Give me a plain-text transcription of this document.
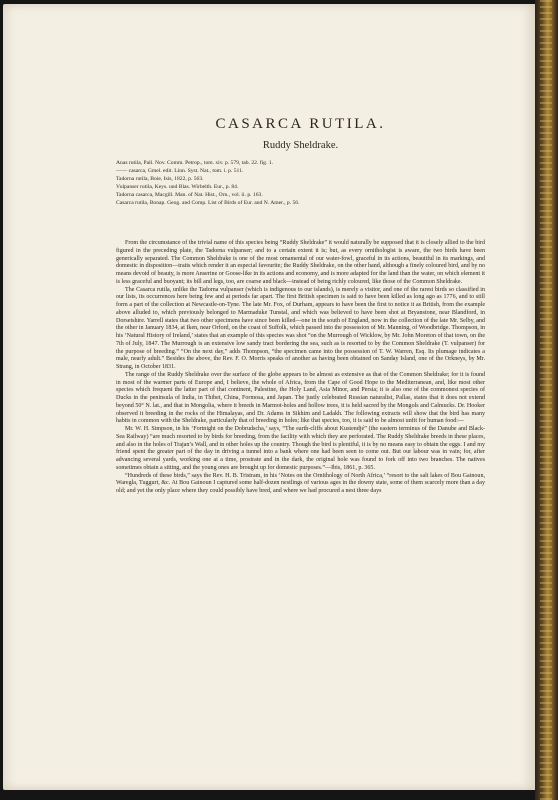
CASARCA RUTILA.
Ruddy Sheldrake.
Anas rutila, Pall. Nov. Comm. Petrop., tom. xiv. p. 579, tab. 22. fig. 1.
—— casarca, Gmel. edit. Linn. Syst. Nat., tom. i. p. 511.
Tadorna rutila, Boie, Isis, 1822, p. 563.
Vulpanser rutila, Keys. und Blas. Wirbelth. Eur., p. 84.
Tadorna casarca, Macgill. Man. of Nat. Hist., Orn., vol. ii. p. 163.
Casarca rutila, Bonap. Geog. and Comp. List of Birds of Eur. and N. Amer., p. 56.

From the circumstance of the trivial name of this species being “Ruddy Sheldrake” it would naturally be supposed that it is closely allied to the bird figured in the preceding plate, the Tadorna vulpanser; and to a certain extent it is; but, as every ornithologist is aware, the two birds have been generically separated. The Common Sheldrake is one of the most ornamental of our water-fowl, graceful in its actions, beautiful in its markings, and domestic in disposition—traits which render it an especial favourite; the Ruddy Sheldrake, on the other hand, although a finely coloured bird, and by no means devoid of beauty, is more Anserine or Goose-like in its actions and economy, and is more adapted for the land than the water, on which element it is less graceful and buoyant; its bill and legs, too, are coarse and black—instead of being richly coloured, like those of the Common Sheldrake.

The Casarca rutila, unlike the Tadorna vulpanser (which is indigenous to our islands), is merely a visitor, and one of the rarest birds so classified in our lists, its occurrences here being few and at periods far apart. The first British specimen is said to have been killed as long ago as 1776, and to still form a part of the collection at Newcastle-on-Tyne. The late Mr. Fox, of Durham, appears to have been the first to notice it as British, from the example above alluded to, which previously belonged to Marmaduke Tunstal, and which was believed to have been shot at Bryanstone, near Blandford, in Dorsetshire. Yarrell states that two other specimens have since been killed—one in the south of England, now in the collection of the late Mr. Selby, and the other in January 1834, at Iken, near Orford, on the coast of Suffolk, which passed into the possession of Mr. Manning, of Woodbridge. Thompson, in his ‘Natural History of Ireland,’ states that an example of this species was shot “on the Murrough of Wicklow, by Mr. John Moreton of that town, on the 7th of July, 1847. The Murrough is an extensive low sandy tract bordering the sea, such as is resorted to by the Common Sheldrake (T. vulpanser) for the purpose of breeding.” “On the next day,” adds Thompson, “the specimen came into the possession of T. W. Warren, Esq. Its plumage indicates a male, nearly adult.” Besides the above, the Rev. F. O. Morris speaks of another as having been obtained on Sanday Island, one of the Orkneys, by Mr. Strang, in October 1831.

The range of the Ruddy Sheldrake over the surface of the globe appears to be almost as extensive as that of the Common Sheldrake; for it is found in most of the warmer parts of Europe and, I believe, the whole of Africa, from the Cape of Good Hope to the Mediterranean, and, like most other species which frequent the latter part of that continent, Palestine, the Holy Land, Asia Minor, and Persia; it is also one of the commonest species of Ducks in the peninsula of India, in Thibet, China, Formosa, and Japan. The justly celebrated Russian naturalist, Pallas, states that it does not extend beyond 50° N. lat., and that in Mongolia, where it breeds in Marmot-holes and hollow trees, it is held sacred by the Mongols and Calmucks. Dr. Hooker observed it breeding in the rocks of the Himalayas, and Dr. Adams in Sikhim and Ladakh. The following extracts will show that the bird has many habits in common with the Sheldrake, particularly that of breeding in holes; like that species, too, it is said to be almost unfit for human food:—

Mr. W. H. Simpson, in his ‘Fortnight on the Dobrudscha,’ says, “The earth-cliffs about Kustendjé” (the eastern terminus of the Danube and Black-Sea Railway) “are much resorted to by birds for breeding, from the facility with which they are perforated. The Ruddy Sheldrake breeds in these places, and also in the holes of Trajan’s Wall, and in other holes up the country. Though the bird is plentiful, it is by no means easy to obtain the eggs. I and my friend spent the greater part of the day in driving a tunnel into a bank where one had been seen to come out. But our labour was in vain; for, after advancing several yards, working one at a time, prostrate and in the dark, the original hole was found to fork off into two branches. The natives sometimes obtain a sitting, and the young ones are brought up for domestic purposes.”—Ibis, 1861, p. 365.

“Hundreds of these birds,” says the Rev. H. B. Tristram, in his ‘Notes on the Ornithology of North Africa,’ “resort to the salt lakes of Bou Gainoun, Waregla, Tuggurt, &c. At Bou Gainoun I captured some half-dozen nestlings of various ages in the downy state, some of them scarcely more than a day old; and yet the only place where they could possibly have bred, and where we had procured a nest three days
